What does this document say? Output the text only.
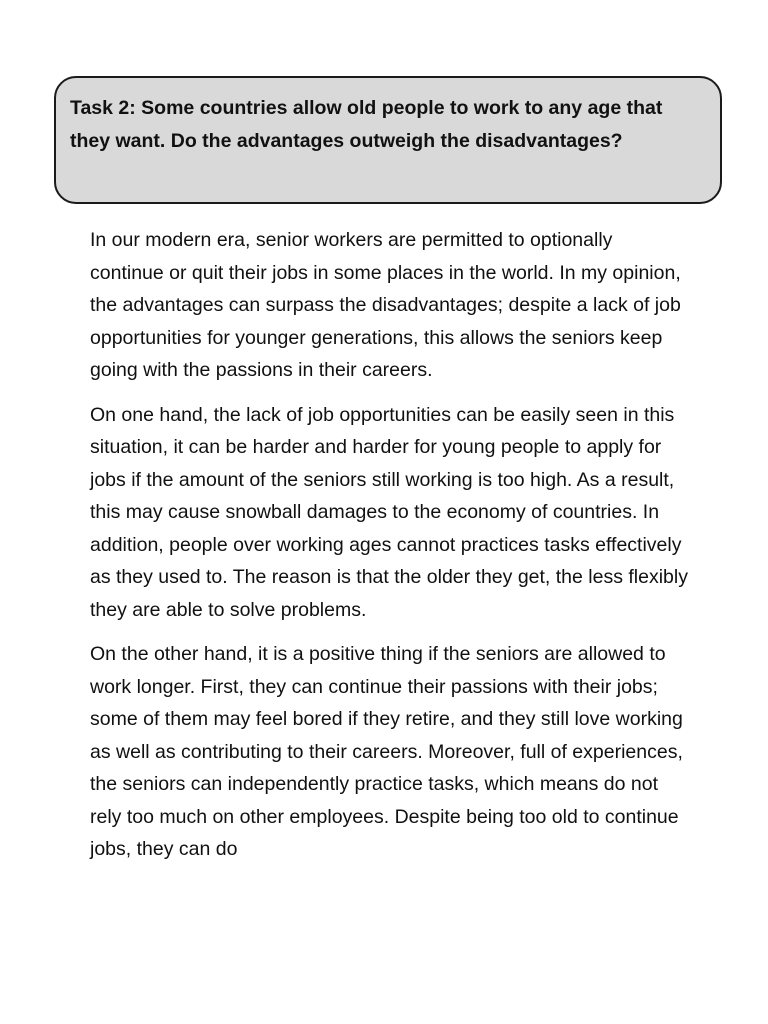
Task 2: Some countries allow old people to work to any age that they want. Do the advantages outweigh the disadvantages?

In our modern era, senior workers are permitted to optionally continue or quit their jobs in some places in the world. In my opinion, the advantages can surpass the disadvantages; despite a lack of job opportunities for younger generations, this allows the seniors keep going with the passions in their careers.

On one hand, the lack of job opportunities can be easily seen in this situation, it can be harder and harder for young people to apply for jobs if the amount of the seniors still working is too high. As a result, this may cause snowball damages to the economy of countries. In addition, people over working ages cannot practices tasks effectively as they used to. The reason is that the older they get, the less flexibly they are able to solve problems.

On the other hand, it is a positive thing if the seniors are allowed to work longer. First, they can continue their passions with their jobs; some of them may feel bored if they retire, and they still love working as well as contributing to their careers. Moreover, full of experiences, the seniors can independently practice tasks, which means do not rely too much on other employees. Despite being too old to continue jobs, they can do
